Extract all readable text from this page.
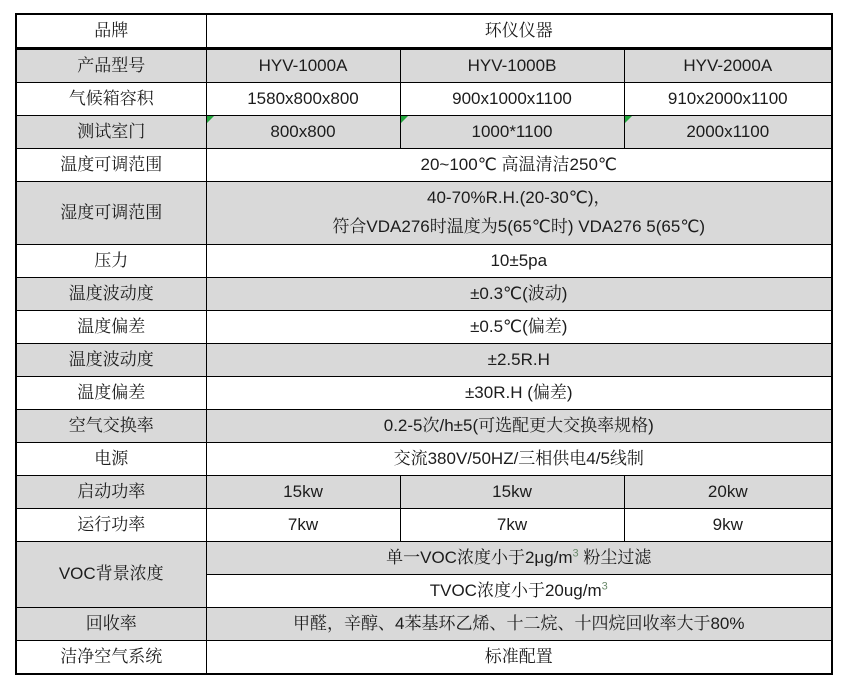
品牌	环仪仪器		
产品型号	HYV-1000A	HYV-1000B	HYV-2000A
气候箱容积	1580x800x800	900x1000x1100	910x2000x1100
测试室门	800x800	1000*1100	2000x1100
温度可调范围	20~100℃ 高温清洁250℃		
湿度可调范围	40-70%R.H.(20-30℃)，
符合VDA276时温度为5(65℃时) VDA276 5(65℃)		

压力	10±5pa		
温度波动度	±0.3℃(波动)		
温度偏差	±0.5℃(偏差)		
温度波动度	±2.5R.H		
温度偏差	±30R.H (偏差)		
空气交换率	0.2-5次/h±5(可选配更大交换率规格)		
电源	交流380V/50HZ/三相供电4/5线制		
启动功率	15kw	15kw	20kw
运行功率	7kw	7kw	9kw
VOC背景浓度	单一VOC浓度小于$2\mu g/m^3$ 粉尘过滤		
	TVOC浓度小于$20ug/m^3$
回收率	甲醛，辛醇、4苯基环乙烯、十二烷、十四烷回收率大于80%		
洁净空气系统	标准配置		
